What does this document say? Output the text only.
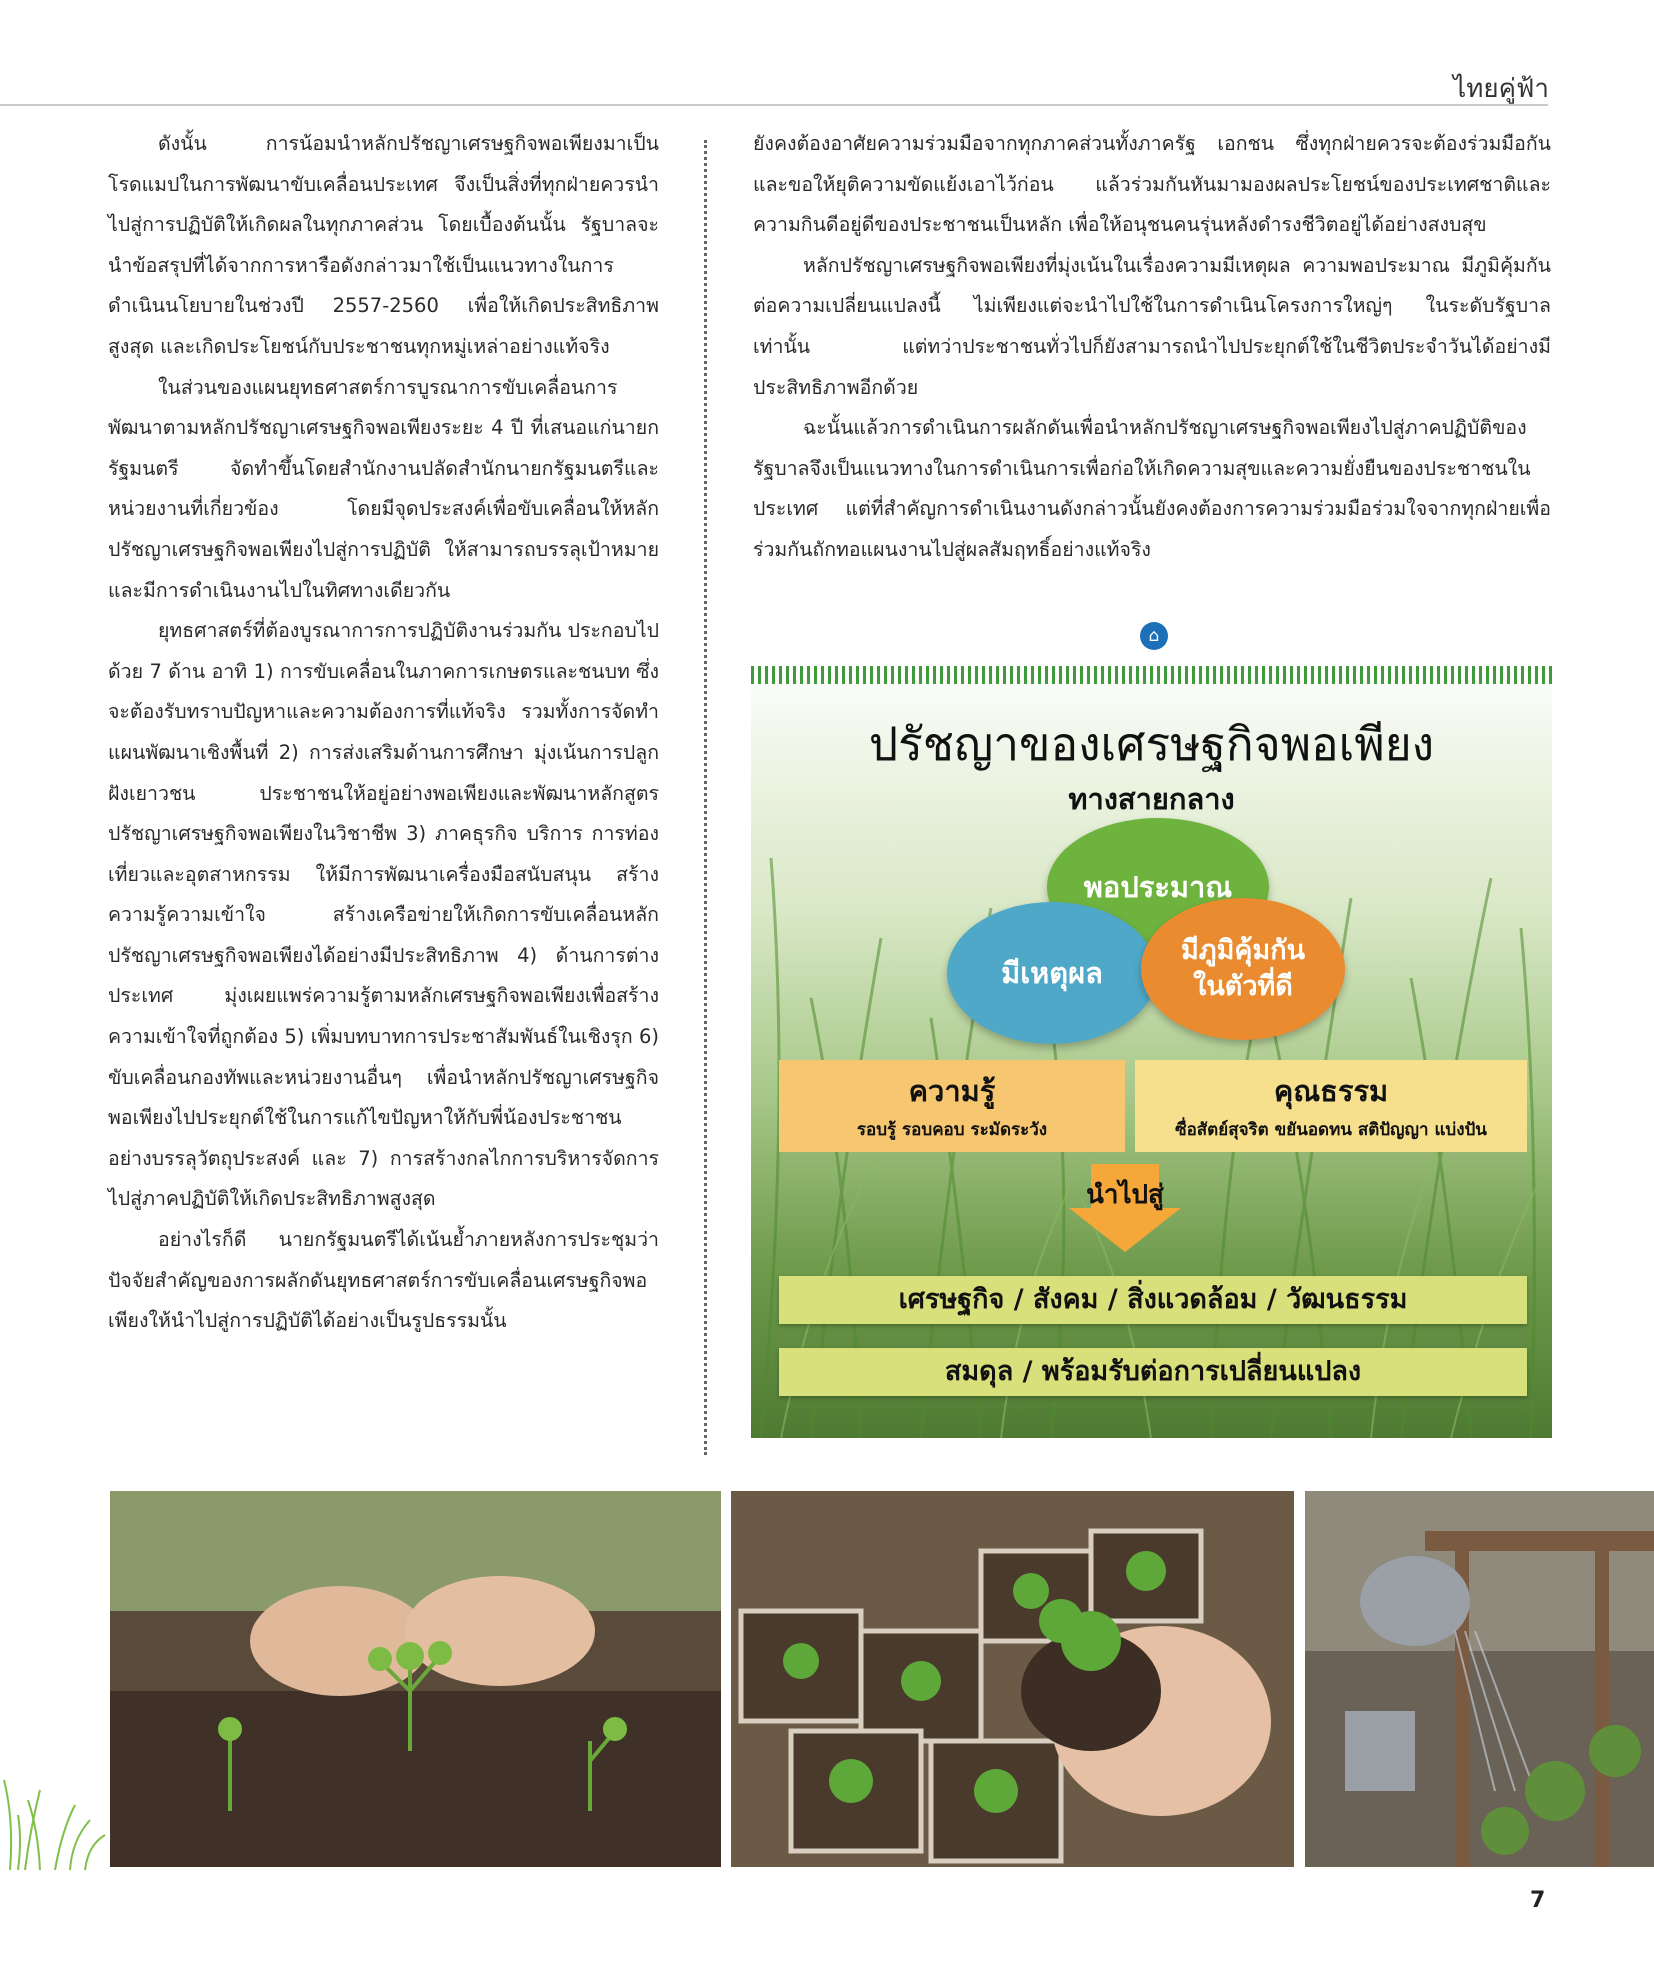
ไทยคู่ฟ้า

ดังนั้น การน้อมนำหลักปรัชญาเศรษฐกิจพอเพียงมาเป็นโรดแมปในการพัฒนาขับเคลื่อนประเทศ จึงเป็นสิ่งที่ทุกฝ่ายควรนำไปสู่การปฏิบัติให้เกิดผลในทุกภาคส่วน โดยเบื้องต้นนั้น รัฐบาลจะนำข้อสรุปที่ได้จากการหารือดังกล่าวมาใช้เป็นแนวทางในการดำเนินนโยบายในช่วงปี 2557-2560 เพื่อให้เกิดประสิทธิภาพสูงสุด และเกิดประโยชน์กับประชาชนทุกหมู่เหล่าอย่างแท้จริง

ในส่วนของแผนยุทธศาสตร์การบูรณาการขับเคลื่อนการพัฒนาตามหลักปรัชญาเศรษฐกิจพอเพียงระยะ 4 ปี ที่เสนอแก่นายกรัฐมนตรี จัดทำขึ้นโดยสำนักงานปลัดสำนักนายกรัฐมนตรีและหน่วยงานที่เกี่ยวข้อง โดยมีจุดประสงค์เพื่อขับเคลื่อนให้หลักปรัชญาเศรษฐกิจพอเพียงไปสู่การปฏิบัติ ให้สามารถบรรลุเป้าหมาย และมีการดำเนินงานไปในทิศทางเดียวกัน

ยุทธศาสตร์ที่ต้องบูรณาการการปฏิบัติงานร่วมกัน ประกอบไปด้วย 7 ด้าน อาทิ 1) การขับเคลื่อนในภาคการเกษตรและชนบท ซึ่งจะต้องรับทราบปัญหาและความต้องการที่แท้จริง รวมทั้งการจัดทำแผนพัฒนาเชิงพื้นที่ 2) การส่งเสริมด้านการศึกษา มุ่งเน้นการปลูกฝังเยาวชน ประชาชนให้อยู่อย่างพอเพียงและพัฒนาหลักสูตรปรัชญาเศรษฐกิจพอเพียงในวิชาชีพ 3) ภาคธุรกิจ บริการ การท่องเที่ยวและอุตสาหกรรม ให้มีการพัฒนาเครื่องมือสนับสนุน สร้างความรู้ความเข้าใจ สร้างเครือข่ายให้เกิดการขับเคลื่อนหลักปรัชญาเศรษฐกิจพอเพียงได้อย่างมีประสิทธิภาพ 4) ด้านการต่างประเทศ มุ่งเผยแพร่ความรู้ตามหลักเศรษฐกิจพอเพียงเพื่อสร้างความเข้าใจที่ถูกต้อง 5) เพิ่มบทบาทการประชาสัมพันธ์ในเชิงรุก 6) ขับเคลื่อนกองทัพและหน่วยงานอื่นๆ เพื่อนำหลักปรัชญาเศรษฐกิจพอเพียงไปประยุกต์ใช้ในการแก้ไขปัญหาให้กับพี่น้องประชาชนอย่างบรรลุวัตถุประสงค์ และ 7) การสร้างกลไกการบริหารจัดการไปสู่ภาคปฏิบัติให้เกิดประสิทธิภาพสูงสุด

อย่างไรก็ดี นายกรัฐมนตรีได้เน้นย้ำภายหลังการประชุมว่า ปัจจัยสำคัญของการผลักดันยุทธศาสตร์การขับเคลื่อนเศรษฐกิจพอเพียงให้นำไปสู่การปฏิบัติได้อย่างเป็นรูปธรรมนั้น

ยังคงต้องอาศัยความร่วมมือจากทุกภาคส่วนทั้งภาครัฐ เอกชน ซึ่งทุกฝ่ายควรจะต้องร่วมมือกัน และขอให้ยุติความขัดแย้งเอาไว้ก่อน แล้วร่วมกันหันมามองผลประโยชน์ของประเทศชาติและความกินดีอยู่ดีของประชาชนเป็นหลัก เพื่อให้อนุชนคนรุ่นหลังดำรงชีวิตอยู่ได้อย่างสงบสุข

หลักปรัชญาเศรษฐกิจพอเพียงที่มุ่งเน้นในเรื่องความมีเหตุผล ความพอประมาณ มีภูมิคุ้มกันต่อความเปลี่ยนแปลงนี้ ไม่เพียงแต่จะนำไปใช้ในการดำเนินโครงการใหญ่ๆ ในระดับรัฐบาลเท่านั้น แต่ทว่าประชาชนทั่วไปก็ยังสามารถนำไปประยุกต์ใช้ในชีวิตประจำวันได้อย่างมีประสิทธิภาพอีกด้วย

ฉะนั้นแล้วการดำเนินการผลักดันเพื่อนำหลักปรัชญาเศรษฐกิจพอเพียงไปสู่ภาคปฏิบัติของรัฐบาลจึงเป็นแนวทางในการดำเนินการเพื่อก่อให้เกิดความสุขและความยั่งยืนของประชาชนในประเทศ แต่ที่สำคัญการดำเนินงานดังกล่าวนั้นยังคงต้องการความร่วมมือร่วมใจจากทุกฝ่ายเพื่อร่วมกันถักทอแผนงานไปสู่ผลสัมฤทธิ์อย่างแท้จริง

⌂
ปรัชญาของเศรษฐกิจพอเพียง
ทางสายกลาง
พอประมาณ
มีเหตุผล
มีภูมิคุ้มกัน
ในตัวที่ดี
ความรู้
รอบรู้ รอบคอบ ระมัดระวัง
คุณธรรม
ซื่อสัตย์สุจริต ขยันอดทน สติปัญญา แบ่งปัน
นำไปสู่
เศรษฐกิจ / สังคม / สิ่งแวดล้อม / วัฒนธรรม
สมดุล / พร้อมรับต่อการเปลี่ยนแปลง
7
